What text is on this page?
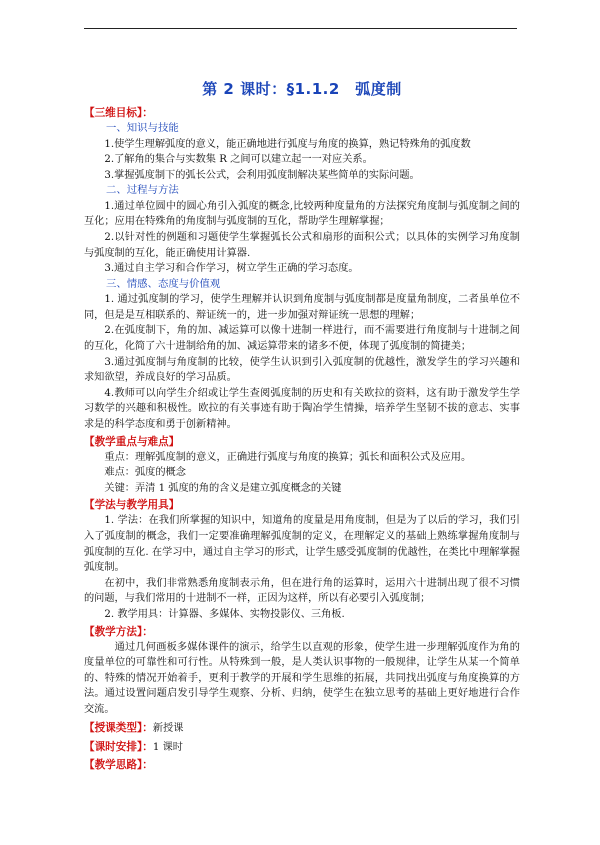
第 2 课时：§1.1.2　弧度制
【三维目标】：
一、知识与技能

1.使学生理解弧度的意义，能正确地进行弧度与角度的换算，熟记特殊角的弧度数

2.了解角的集合与实数集 R 之间可以建立起一一对应关系。

3.掌握弧度制下的弧长公式，会利用弧度制解决某些简单的实际问题。

二、过程与方法

1.通过单位圆中的圆心角引入弧度的概念,比较两种度量角的方法探究角度制与弧度制之间的互化；应用在特殊角的角度制与弧度制的互化，帮助学生理解掌握；

2.以针对性的例题和习题使学生掌握弧长公式和扇形的面积公式；以具体的实例学习角度制与弧度制的互化，能正确使用计算器.

3.通过自主学习和合作学习，树立学生正确的学习态度。

三、情感、态度与价值观

1. 通过弧度制的学习，使学生理解并认识到角度制与弧度制都是度量角制度，二者虽单位不同，但是是互相联系的、辩证统一的，进一步加强对辩证统一思想的理解；

2.在弧度制下，角的加、减运算可以像十进制一样进行，而不需要进行角度制与十进制之间的互化，化简了六十进制给角的加、减运算带来的诸多不便，体现了弧度制的简捷美；

3.通过弧度制与角度制的比较，使学生认识到引入弧度制的优越性，激发学生的学习兴趣和求知欲望，养成良好的学习品质。

4.教师可以向学生介绍或让学生查阅弧度制的历史和有关欧拉的资料，这有助于激发学生学习数学的兴趣和积极性。欧拉的有关事迹有助于陶冶学生情操，培养学生坚韧不拔的意志、实事求是的科学态度和勇于创新精神。

【教学重点与难点】

重点：理解弧度制的意义，正确进行弧度与角度的换算；弧长和面积公式及应用。

难点：弧度的概念

关键：弄清 1 弧度的角的含义是建立弧度概念的关键

【学法与教学用具】

1. 学法：在我们所掌握的知识中，知道角的度量是用角度制，但是为了以后的学习，我们引入了弧度制的概念，我们一定要准确理解弧度制的定义，在理解定义的基础上熟练掌握角度制与弧度制的互化. 在学习中，通过自主学习的形式，让学生感受弧度制的优越性，在类比中理解掌握弧度制。

在初中，我们非常熟悉角度制表示角，但在进行角的运算时，运用六十进制出现了很不习惯的问题，与我们常用的十进制不一样，正因为这样，所以有必要引入弧度制；

2. 教学用具：计算器、多媒体、实物投影仪、三角板.

【教学方法】：

通过几何画板多媒体课件的演示，给学生以直观的形象，使学生进一步理解弧度作为角的度量单位的可靠性和可行性。从特殊到一般，是人类认识事物的一般规律，让学生从某一个简单的、特殊的情况开始着手，更利于教学的开展和学生思维的拓展，共同找出弧度与角度换算的方法。通过设置问题启发引导学生观察、分析、归纳，使学生在独立思考的基础上更好地进行合作交流。

【授课类型】：新授课
【课时安排】：1 课时
【教学思路】：
